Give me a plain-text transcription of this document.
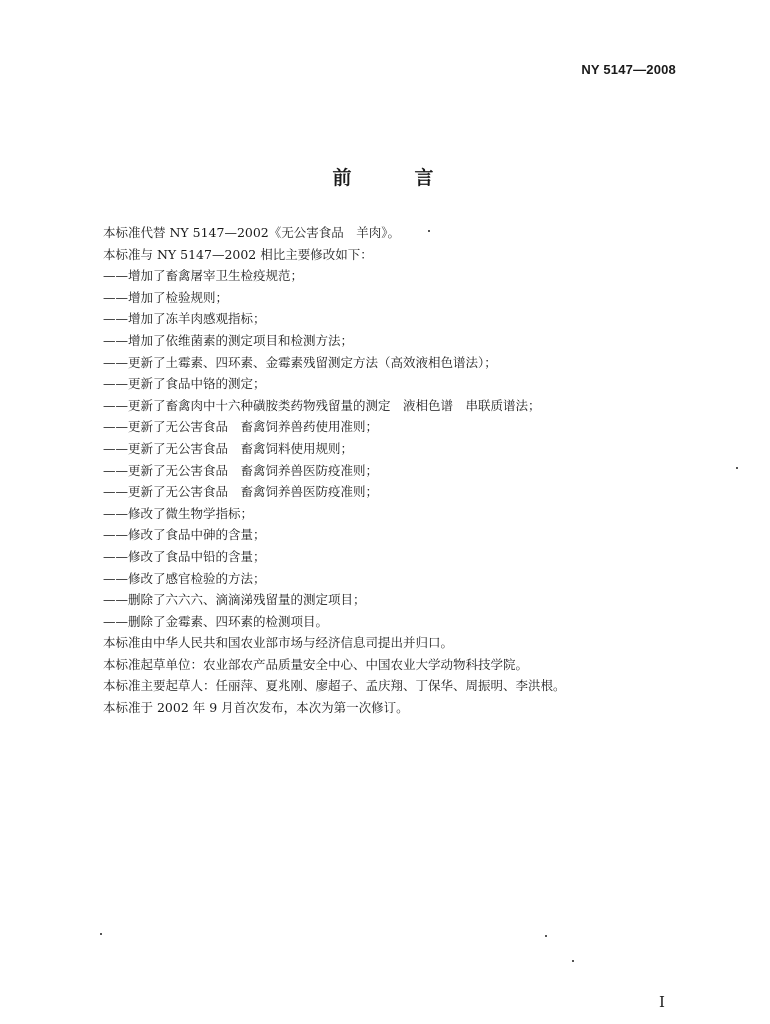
NY 5147—2008
前　言
本标准代替 NY 5147—2002《无公害食品　羊肉》。
本标准与 NY 5147—2002 相比主要修改如下：
——增加了畜禽屠宰卫生检疫规范；
——增加了检验规则；
——增加了冻羊肉感观指标；
——增加了依维菌素的测定项目和检测方法；
——更新了土霉素、四环素、金霉素残留测定方法（高效液相色谱法）；
——更新了食品中铬的测定；
——更新了畜禽肉中十六种磺胺类药物残留量的测定　液相色谱　串联质谱法；
——更新了无公害食品　畜禽饲养兽药使用准则；
——更新了无公害食品　畜禽饲料使用规则；
——更新了无公害食品　畜禽饲养兽医防疫准则；
——更新了无公害食品　畜禽饲养兽医防疫准则；
——修改了微生物学指标；
——修改了食品中砷的含量；
——修改了食品中铅的含量；
——修改了感官检验的方法；
——删除了六六六、滴滴涕残留量的测定项目；
——删除了金霉素、四环素的检测项目。
本标准由中华人民共和国农业部市场与经济信息司提出并归口。
本标准起草单位：农业部农产品质量安全中心、中国农业大学动物科技学院。
本标准主要起草人：任丽萍、夏兆刚、廖超子、孟庆翔、丁保华、周振明、李洪根。
本标准于 2002 年 9 月首次发布，本次为第一次修订。
I
